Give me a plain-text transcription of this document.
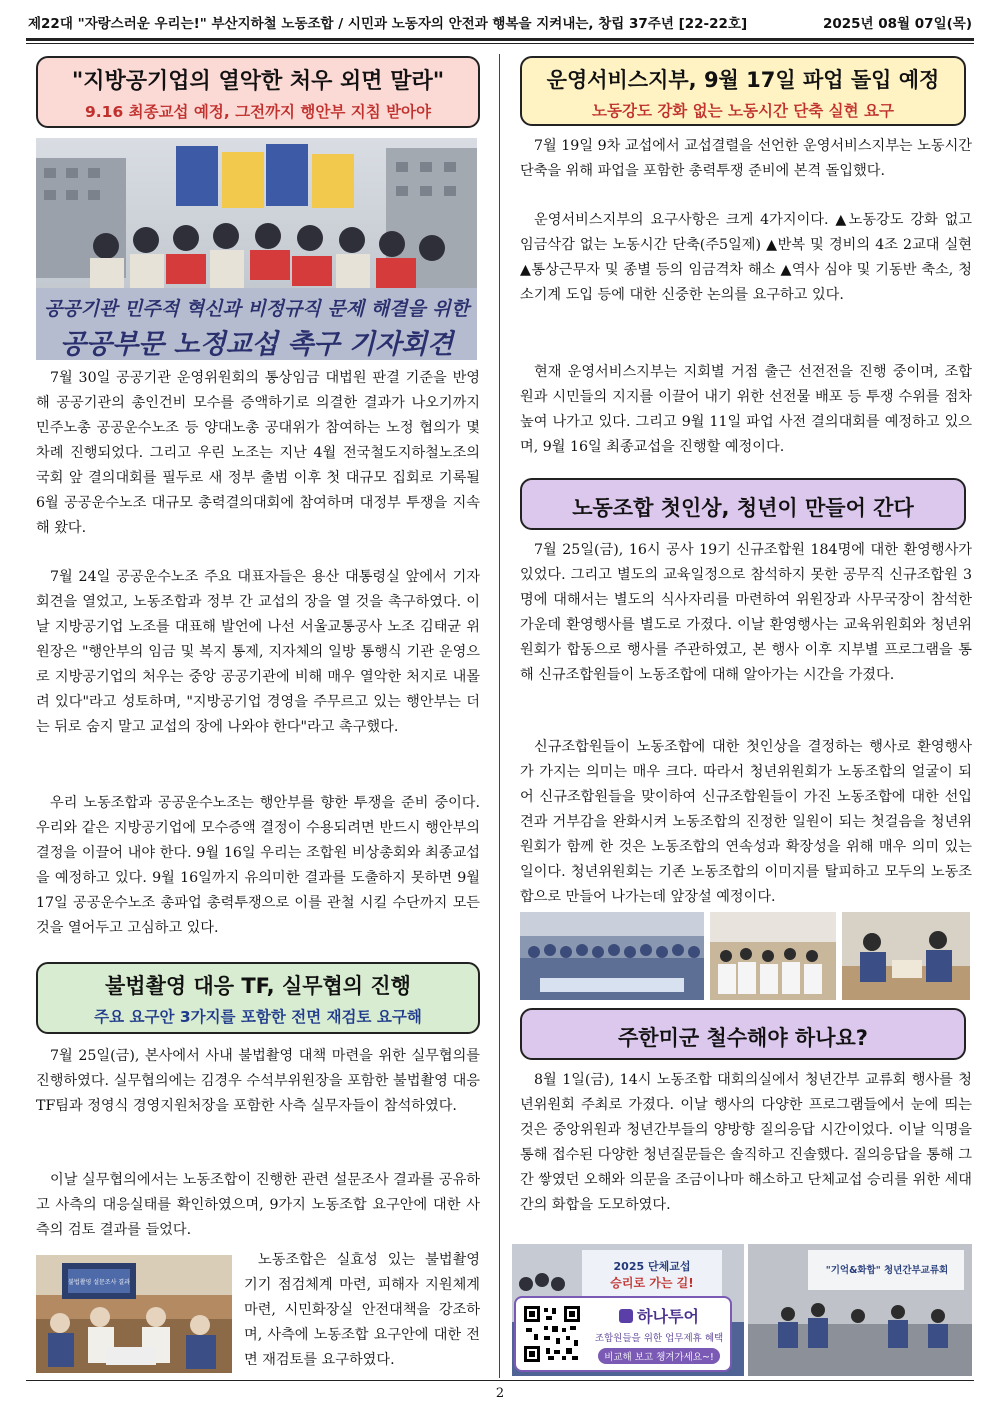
제22대 "자랑스러운 우리는!" 부산지하철 노동조합 / 시민과 노동자의 안전과 행복을 지켜내는, 창립 37주년 [22-22호]	2025년 08월 07일(목)
"지방공기업의 열악한 처우 외면 말라"
9.16 최종교섭 예정, 그전까지 행안부 지침 받아야
공공기관 민주적 혁신과 비정규직 문제 해결을 위한
공공부문 노정교섭 촉구 기자회견

7월 30일 공공기관 운영위원회의 통상임금 대법원 판결 기준을 반영해 공공기관의 총인건비 모수를 증액하기로 의결한 결과가 나오기까지 민주노총 공공운수노조 등 양대노총 공대위가 참여하는 노정 협의가 몇 차례 진행되었다. 그리고 우린 노조는 지난 4월 전국철도지하철노조의 국회 앞 결의대회를 필두로 새 정부 출범 이후 첫 대규모 집회로 기록될 6월 공공운수노조 대규모 총력결의대회에 참여하며 대정부 투쟁을 지속해 왔다.

7월 24일 공공운수노조 주요 대표자들은 용산 대통령실 앞에서 기자회견을 열었고, 노동조합과 정부 간 교섭의 장을 열 것을 촉구하였다. 이날 지방공기업 노조를 대표해 발언에 나선 서울교통공사 노조 김태균 위원장은 "행안부의 임금 및 복지 통제, 지자체의 일방 통행식 기관 운영으로 지방공기업의 처우는 중앙 공공기관에 비해 매우 열악한 처지로 내몰려 있다"라고 성토하며, "지방공기업 경영을 주무르고 있는 행안부는 더는 뒤로 숨지 말고 교섭의 장에 나와야 한다"라고 촉구했다.

우리 노동조합과 공공운수노조는 행안부를 향한 투쟁을 준비 중이다. 우리와 같은 지방공기업에 모수증액 결정이 수용되려면 반드시 행안부의 결정을 이끌어 내야 한다. 9월 16일 우리는 조합원 비상총회와 최종교섭을 예정하고 있다. 9월 16일까지 유의미한 결과를 도출하지 못하면 9월 17일 공공운수노조 총파업 총력투쟁으로 이를 관철 시킬 수단까지 모든 것을 열어두고 고심하고 있다.

불법촬영 대응 TF, 실무협의 진행
주요 요구안 3가지를 포함한 전면 재검토 요구해

7월 25일(금), 본사에서 사내 불법촬영 대책 마련을 위한 실무협의를 진행하였다. 실무협의에는 김경우 수석부위원장을 포함한 불법촬영 대응 TF팀과 정영식 경영지원처장을 포함한 사측 실무자들이 참석하였다.

이날 실무협의에서는 노동조합이 진행한 관련 설문조사 결과를 공유하고 사측의 대응실태를 확인하였으며, 9가지 노동조합 요구안에 대한 사측의 검토 결과를 들었다.

불법촬영 설문조사 결과

노동조합은 실효성 있는 불법촬영 기기 점검체계 마련, 피해자 지원체계 마련, 시민화장실 안전대책을 강조하며, 사측에 노동조합 요구안에 대한 전면 재검토를 요구하였다.

운영서비스지부, 9월 17일 파업 돌입 예정
노동강도 강화 없는 노동시간 단축 실현 요구

7월 19일 9차 교섭에서 교섭결렬을 선언한 운영서비스지부는 노동시간 단축을 위해 파업을 포함한 총력투쟁 준비에 본격 돌입했다.

운영서비스지부의 요구사항은 크게 4가지이다. ▲노동강도 강화 없고 임금삭감 없는 노동시간 단축(주5일제) ▲반복 및 경비의 4조 2교대 실현 ▲통상근무자 및 종별 등의 임금격차 해소 ▲역사 심야 및 기동반 축소, 청소기계 도입 등에 대한 신중한 논의를 요구하고 있다.

현재 운영서비스지부는 지회별 거점 출근 선전전을 진행 중이며, 조합원과 시민들의 지지를 이끌어 내기 위한 선전물 배포 등 투쟁 수위를 점차 높여 나가고 있다. 그리고 9월 11일 파업 사전 결의대회를 예정하고 있으며, 9월 16일 최종교섭을 진행할 예정이다.

노동조합 첫인상, 청년이 만들어 간다

7월 25일(금), 16시 공사 19기 신규조합원 184명에 대한 환영행사가 있었다. 그리고 별도의 교육일정으로 참석하지 못한 공무직 신규조합원 3명에 대해서는 별도의 식사자리를 마련하여 위원장과 사무국장이 참석한 가운데 환영행사를 별도로 가졌다. 이날 환영행사는 교육위원회와 청년위원회가 합동으로 행사를 주관하였고, 본 행사 이후 지부별 프로그램을 통해 신규조합원들이 노동조합에 대해 알아가는 시간을 가졌다.

신규조합원들이 노동조합에 대한 첫인상을 결정하는 행사로 환영행사가 가지는 의미는 매우 크다. 따라서 청년위원회가 노동조합의 얼굴이 되어 신규조합원들을 맞이하여 신규조합원들이 가진 노동조합에 대한 선입견과 거부감을 완화시켜 노동조합의 진정한 일원이 되는 첫걸음을 청년위원회가 함께 한 것은 노동조합의 연속성과 확장성을 위해 매우 의미 있는 일이다. 청년위원회는 기존 노동조합의 이미지를 탈피하고 모두의 노동조합으로 만들어 나가는데 앞장설 예정이다.

주한미군 철수해야 하나요?

8월 1일(금), 14시 노동조합 대회의실에서 청년간부 교류회 행사를 청년위원회 주최로 가졌다. 이날 행사의 다양한 프로그램들에서 눈에 띄는 것은 중앙위원과 청년간부들의 양방향 질의응답 시간이었다. 이날 익명을 통해 접수된 다양한 청년질문들은 솔직하고 진솔했다. 질의응답을 통해 그간 쌓였던 오해와 의문을 조금이나마 해소하고 단체교섭 승리를 위한 세대 간의 화합을 도모하였다.

2025 단체교섭
승리로 가는 길!
"기억&화합" 청년간부교류회
하나투어
조합원들을 위한 업무제휴 혜택
비교해 보고 챙겨가세요~!
2
